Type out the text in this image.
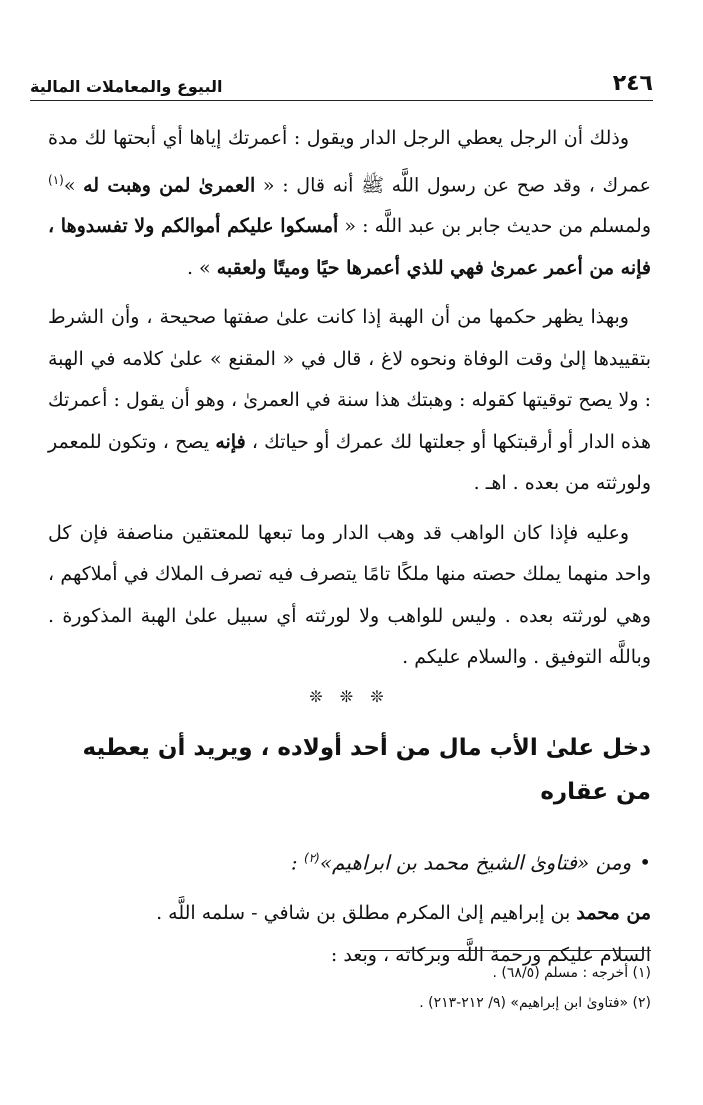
٢٤٦
البيوع والمعاملات المالية

وذلك أن الرجل يعطي الرجل الدار ويقول : أعمرتك إياها أي أبحتها لك مدة عمرك ، وقد صح عن رسول اللَّه ﷺ أنه قال : « العمرىٰ لمن وهبت له »$^{(١)}$ ولمسلم من حديث جابر بن عبد اللَّه : « أمسكوا عليكم أموالكم ولا تفسدوها ، فإنه من أعمر عمرىٰ فهي للذي أعمرها حيًا وميتًا ولعقبه » .

وبهذا يظهر حكمها من أن الهبة إذا كانت علىٰ صفتها صحيحة ، وأن الشرط بتقييدها إلىٰ وقت الوفاة ونحوه لاغ ، قال في « المقنع » علىٰ كلامه في الهبة : ولا يصح توقيتها كقوله : وهبتك هذا سنة في العمرىٰ ، وهو أن يقول : أعمرتك هذه الدار أو أرقبتكها أو جعلتها لك عمرك أو حياتك ، فإنه يصح ، وتكون للمعمر ولورثته من بعده . اهـ .

وعليه فإذا كان الواهب قد وهب الدار وما تبعها للمعتقين مناصفة فإن كل واحد منهما يملك حصته منها ملكًا تامًا يتصرف فيه تصرف الملاك في أملاكهم ، وهي لورثته بعده . وليس للواهب ولا لورثته أي سبيل علىٰ الهبة المذكورة . وباللَّه التوفيق . والسلام عليكم .

❊ ❊ ❊
دخل علىٰ الأب مال من أحد أولاده ، ويريد أن يعطيه من عقاره
•ومن «فتاوىٰ الشيخ محمد بن ابراهيم»$^{(٢)}$ :

من محمد بن إبراهيم إلىٰ المكرم مطلق بن شافي - سلمه اللَّه .

السلام عليكم ورحمة اللَّه وبركاته ، وبعد :

(١) أخرجه : مسلم (٦٨/٥) .
(٢) «فتاوىٰ ابن إبراهيم» (٩/ ٢١٢-٢١٣) .
